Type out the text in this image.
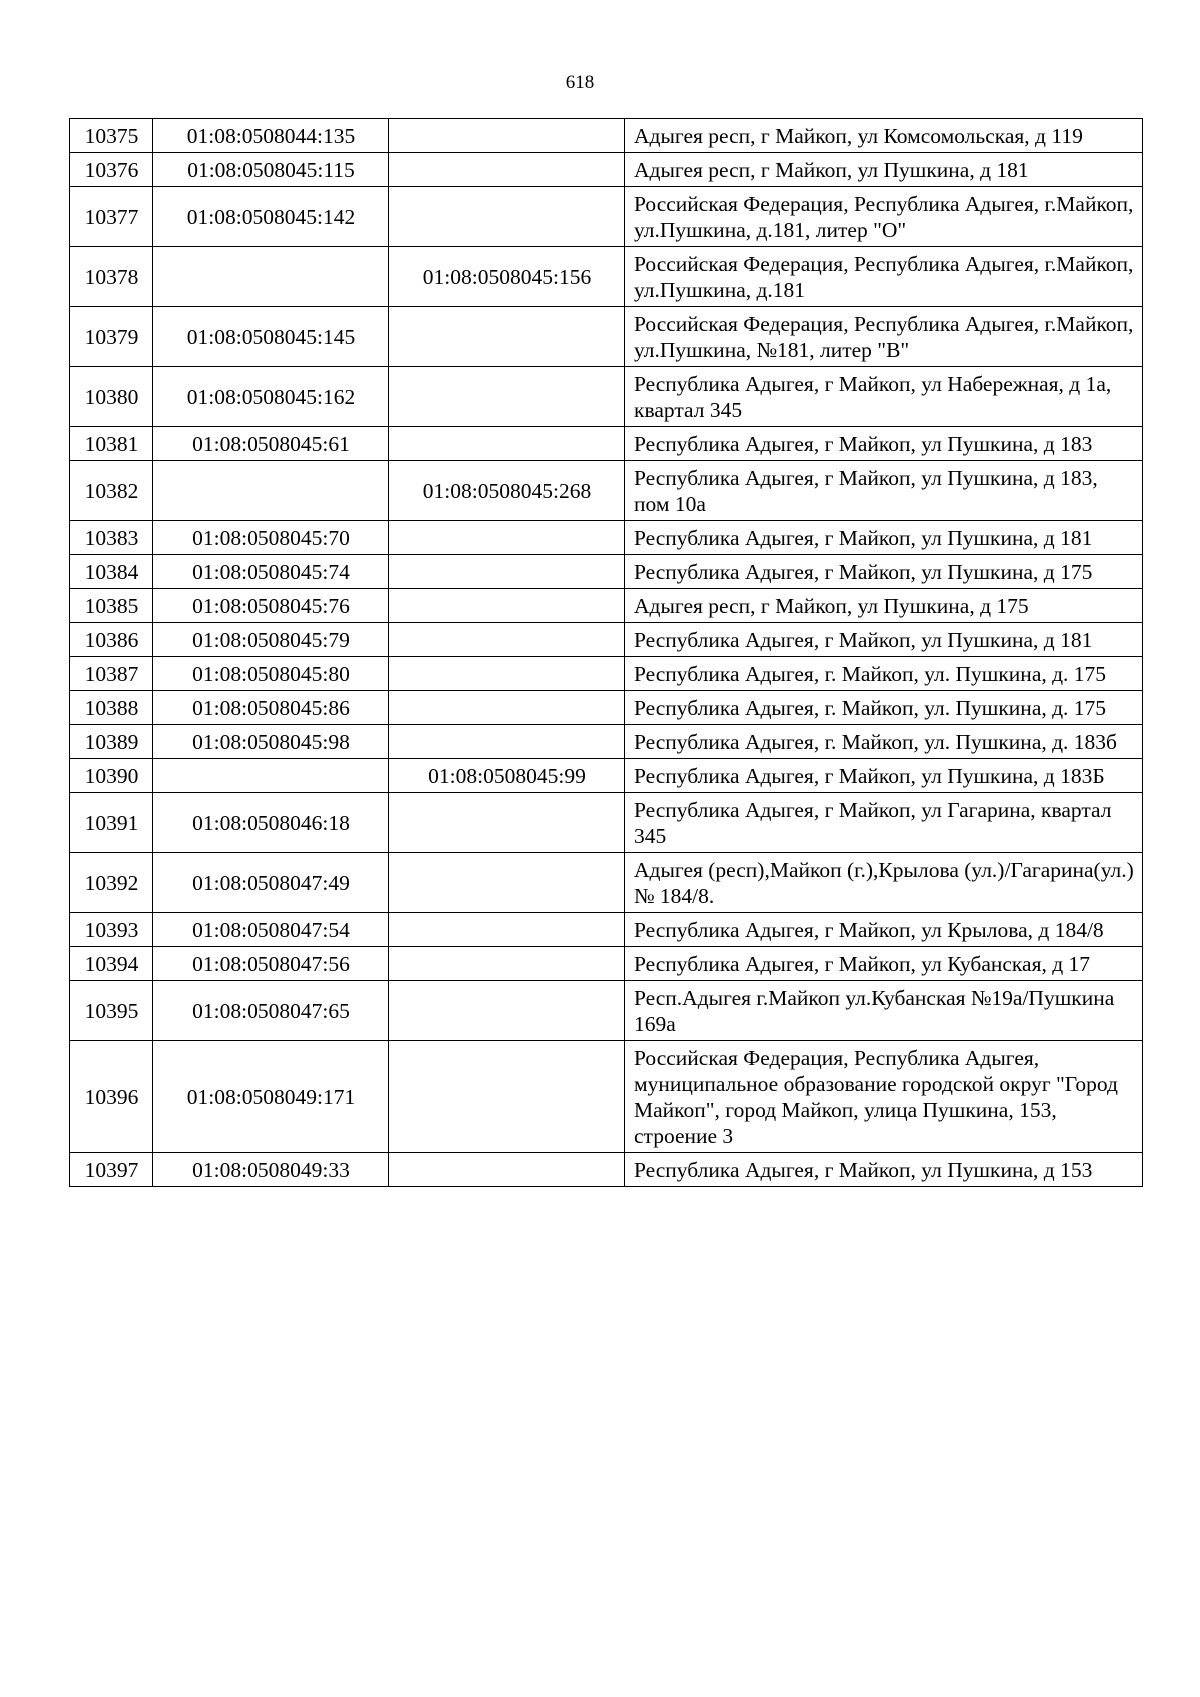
618
10375	01:08:0508044:135		Адыгея респ, г Майкоп, ул Комсомольская, д 119
10376	01:08:0508045:115		Адыгея респ, г Майкоп, ул Пушкина, д 181
10377	01:08:0508045:142		Российская Федерация, Республика Адыгея, г.Майкоп, ул.Пушкина, д.181, литер "О"
10378		01:08:0508045:156	Российская Федерация, Республика Адыгея, г.Майкоп, ул.Пушкина, д.181
10379	01:08:0508045:145		Российская Федерация, Республика Адыгея, г.Майкоп, ул.Пушкина, №181, литер "В"
10380	01:08:0508045:162		Республика Адыгея, г Майкоп, ул Набережная, д 1а, квартал 345
10381	01:08:0508045:61		Республика Адыгея, г Майкоп, ул Пушкина, д 183
10382		01:08:0508045:268	Республика Адыгея, г Майкоп, ул Пушкина, д 183, пом 10а
10383	01:08:0508045:70		Республика Адыгея, г Майкоп, ул Пушкина, д 181
10384	01:08:0508045:74		Республика Адыгея, г Майкоп, ул Пушкина, д 175
10385	01:08:0508045:76		Адыгея респ, г Майкоп, ул Пушкина, д 175
10386	01:08:0508045:79		Республика Адыгея, г Майкоп, ул Пушкина, д 181
10387	01:08:0508045:80		Республика Адыгея, г. Майкоп, ул. Пушкина, д. 175
10388	01:08:0508045:86		Республика Адыгея, г. Майкоп, ул. Пушкина, д. 175
10389	01:08:0508045:98		Республика Адыгея, г. Майкоп, ул. Пушкина, д. 183б
10390		01:08:0508045:99	Республика Адыгея, г Майкоп, ул Пушкина, д 183Б
10391	01:08:0508046:18		Республика Адыгея, г Майкоп, ул Гагарина, квартал 345
10392	01:08:0508047:49		Адыгея (респ),Майкоп (г.),Крылова (ул.)/Гагарина(ул.) № 184/8.
10393	01:08:0508047:54		Республика Адыгея, г Майкоп, ул Крылова, д 184/8
10394	01:08:0508047:56		Республика Адыгея, г Майкоп, ул Кубанская, д 17
10395	01:08:0508047:65		Респ.Адыгея г.Майкоп ул.Кубанская №19а/Пушкина 169а
10396	01:08:0508049:171		Российская Федерация, Республика Адыгея, муниципальное образование городской округ "Город Майкоп", город Майкоп, улица Пушкина, 153, строение 3
10397	01:08:0508049:33		Республика Адыгея, г Майкоп, ул Пушкина, д 153
